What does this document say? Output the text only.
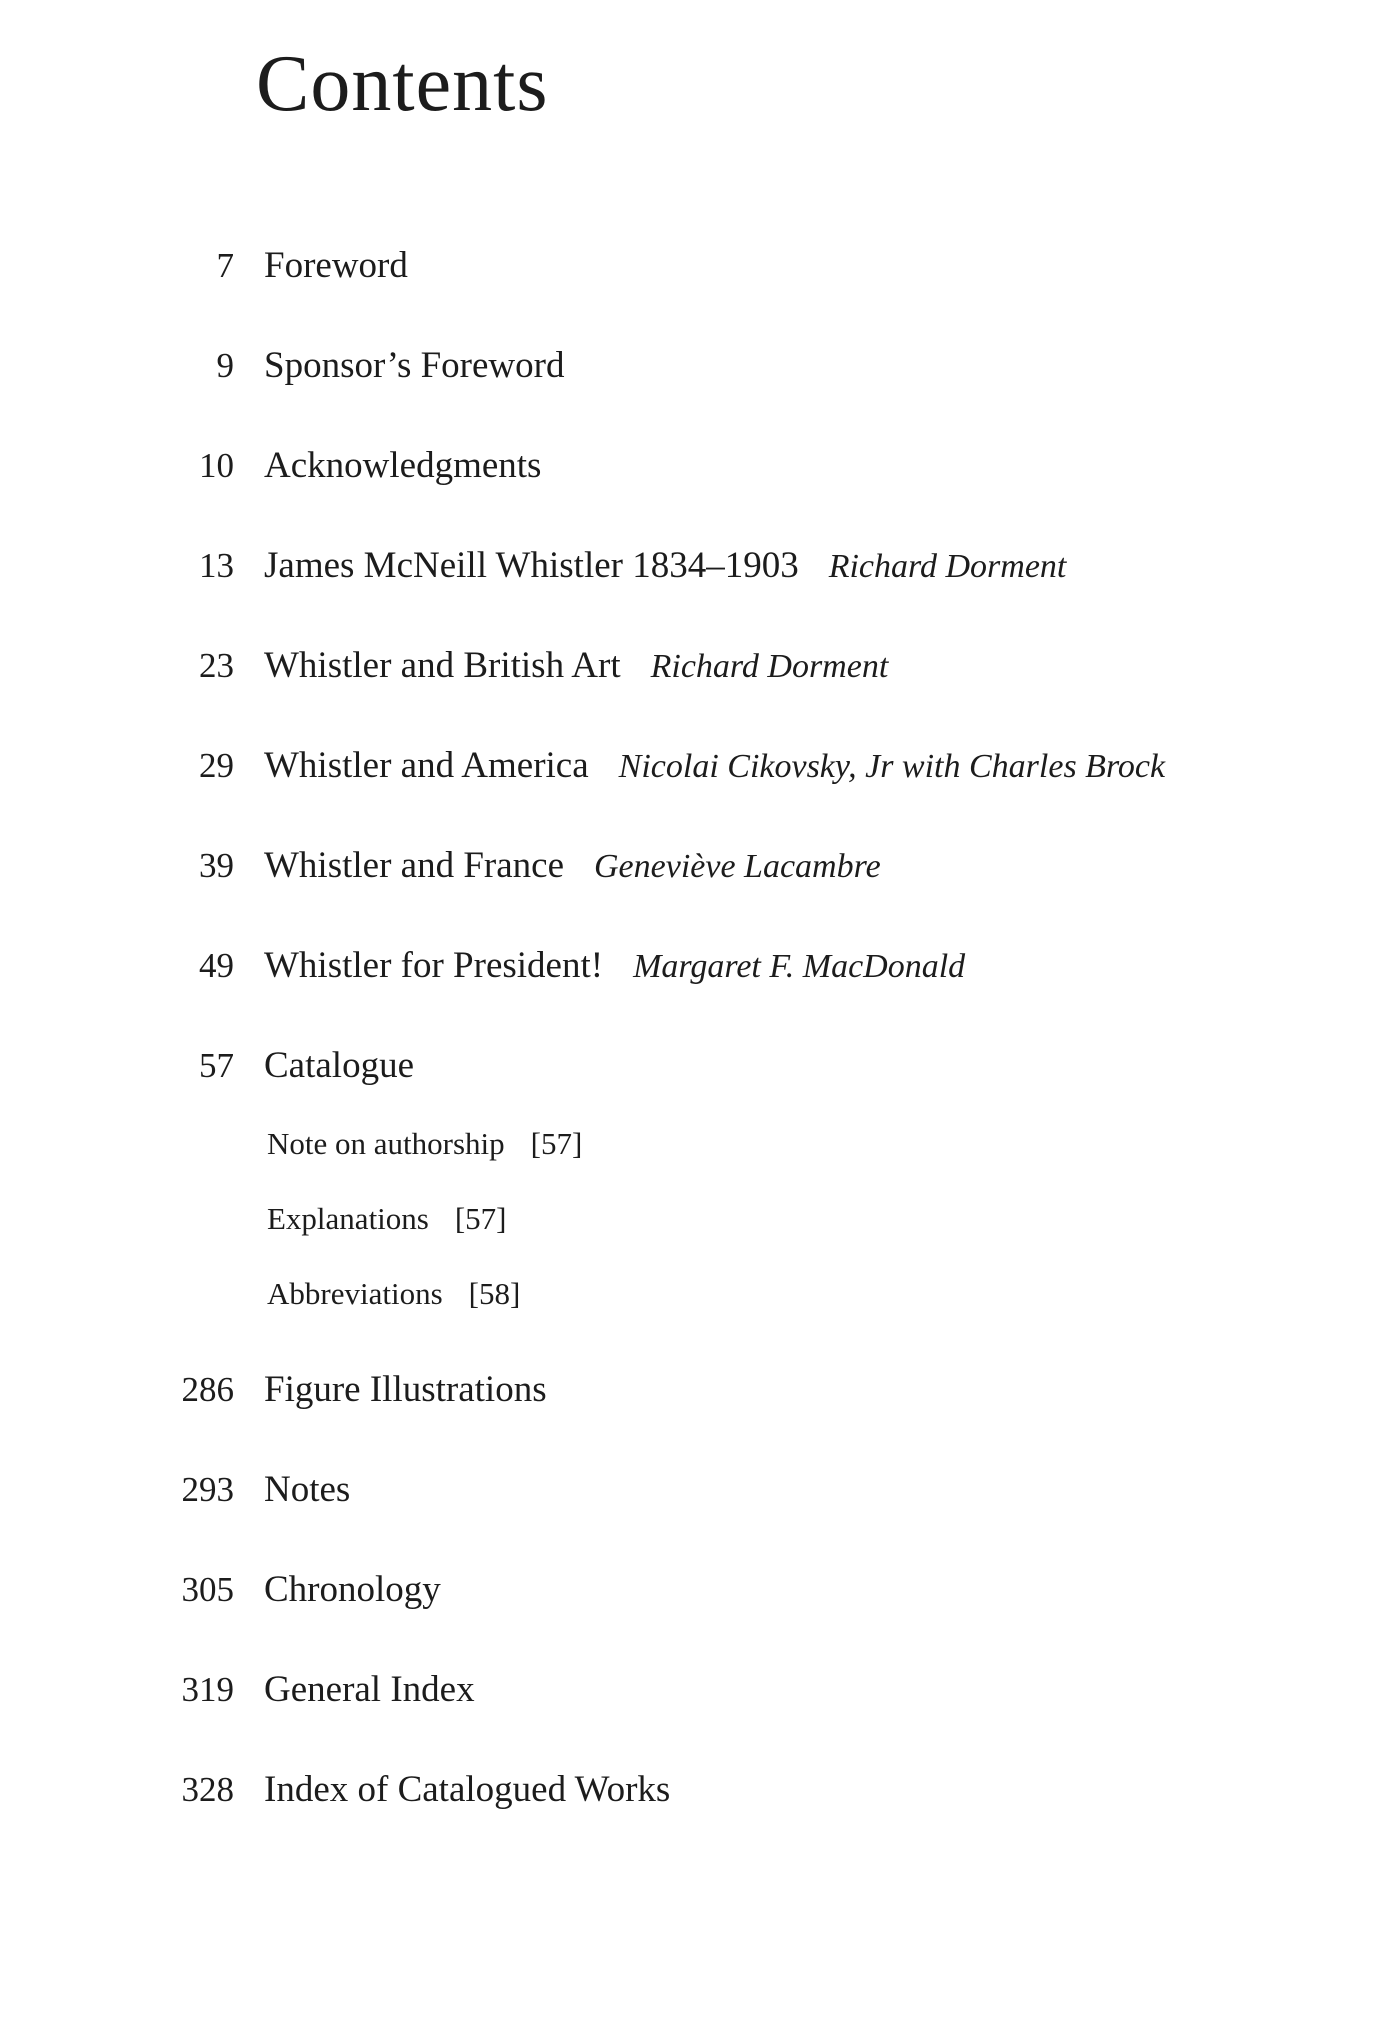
Contents
7 Foreword
9 Sponsor’s Foreword
10 Acknowledgments
13 James McNeill Whistler 1834–1903 Richard Dorment
23 Whistler and British Art Richard Dorment
29 Whistler and America Nicolai Cikovsky, Jr with Charles Brock
39 Whistler and France Geneviève Lacambre
49 Whistler for President! Margaret F. MacDonald
57 Catalogue
Note on authorship [57]
Explanations [57]
Abbreviations [58]
286 Figure Illustrations
293 Notes
305 Chronology
319 General Index
328 Index of Catalogued Works
